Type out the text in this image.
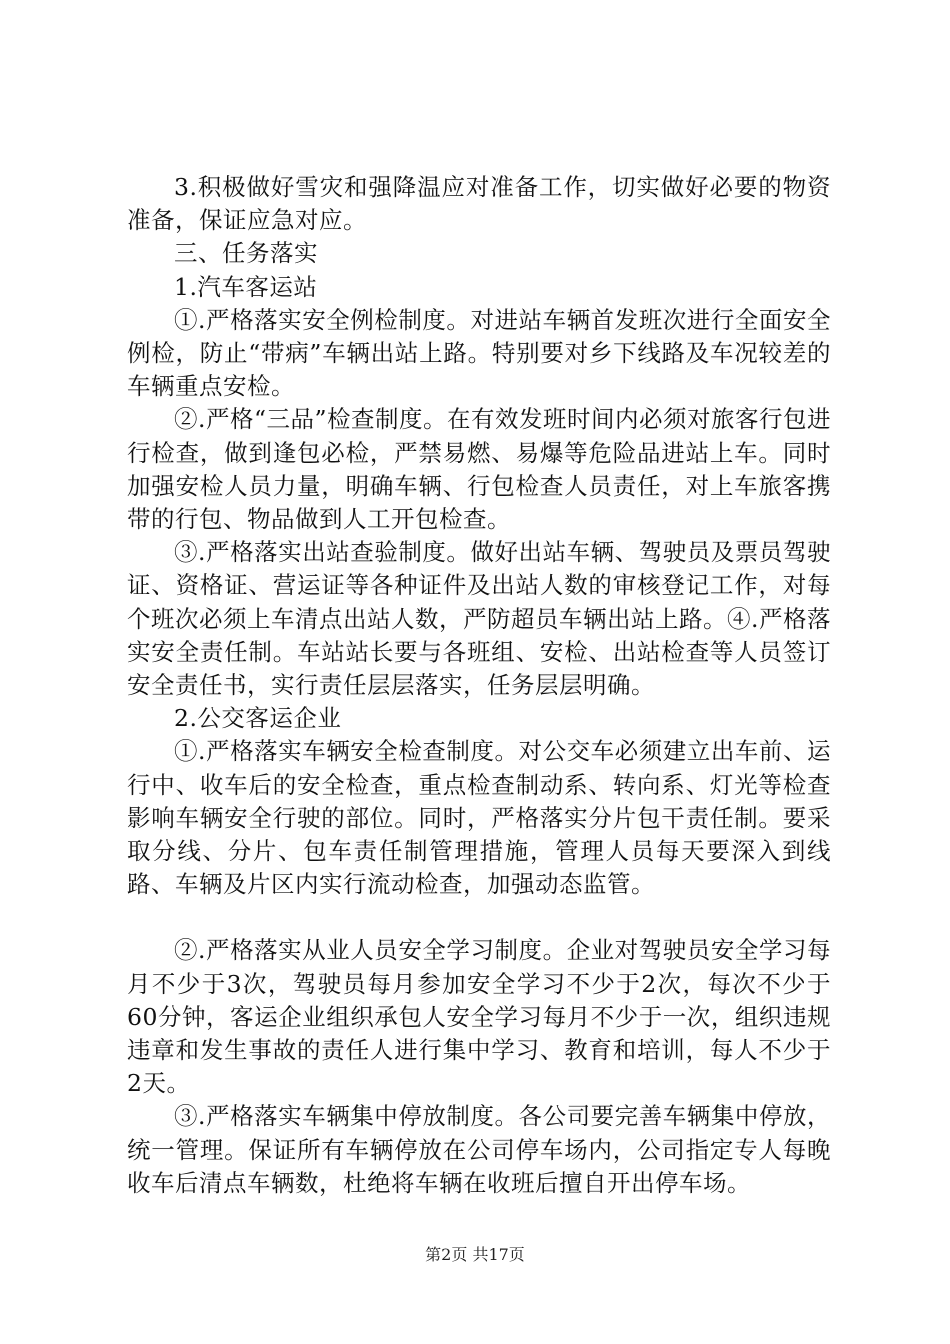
3.积极做好雪灾和强降温应对准备工作，切实做好必要的物资准备，保证应急对应。

三、任务落实

1.汽车客运站

①.严格落实安全例检制度。对进站车辆首发班次进行全面安全例检，防止“带病”车辆出站上路。特别要对乡下线路及车况较差的车辆重点安检。

②.严格“三品”检查制度。在有效发班时间内必须对旅客行包进行检查，做到逢包必检，严禁易燃、易爆等危险品进站上车。同时加强安检人员力量，明确车辆、行包检查人员责任，对上车旅客携带的行包、物品做到人工开包检查。

③.严格落实出站查验制度。做好出站车辆、驾驶员及票员驾驶证、资格证、营运证等各种证件及出站人数的审核登记工作，对每个班次必须上车清点出站人数，严防超员车辆出站上路。④.严格落实安全责任制。车站站长要与各班组、安检、出站检查等人员签订安全责任书，实行责任层层落实，任务层层明确。

2.公交客运企业

①.严格落实车辆安全检查制度。对公交车必须建立出车前、运行中、收车后的安全检查，重点检查制动系、转向系、灯光等检查影响车辆安全行驶的部位。同时，严格落实分片包干责任制。要采取分线、分片、包车责任制管理措施，管理人员每天要深入到线路、车辆及片区内实行流动检查，加强动态监管。

②.严格落实从业人员安全学习制度。企业对驾驶员安全学习每月不少于3次，驾驶员每月参加安全学习不少于2次，每次不少于60分钟，客运企业组织承包人安全学习每月不少于一次，组织违规违章和发生事故的责任人进行集中学习、教育和培训，每人不少于2天。

③.严格落实车辆集中停放制度。各公司要完善车辆集中停放，统一管理。保证所有车辆停放在公司停车场内，公司指定专人每晚收车后清点车辆数，杜绝将车辆在收班后擅自开出停车场。

第2页 共17页
